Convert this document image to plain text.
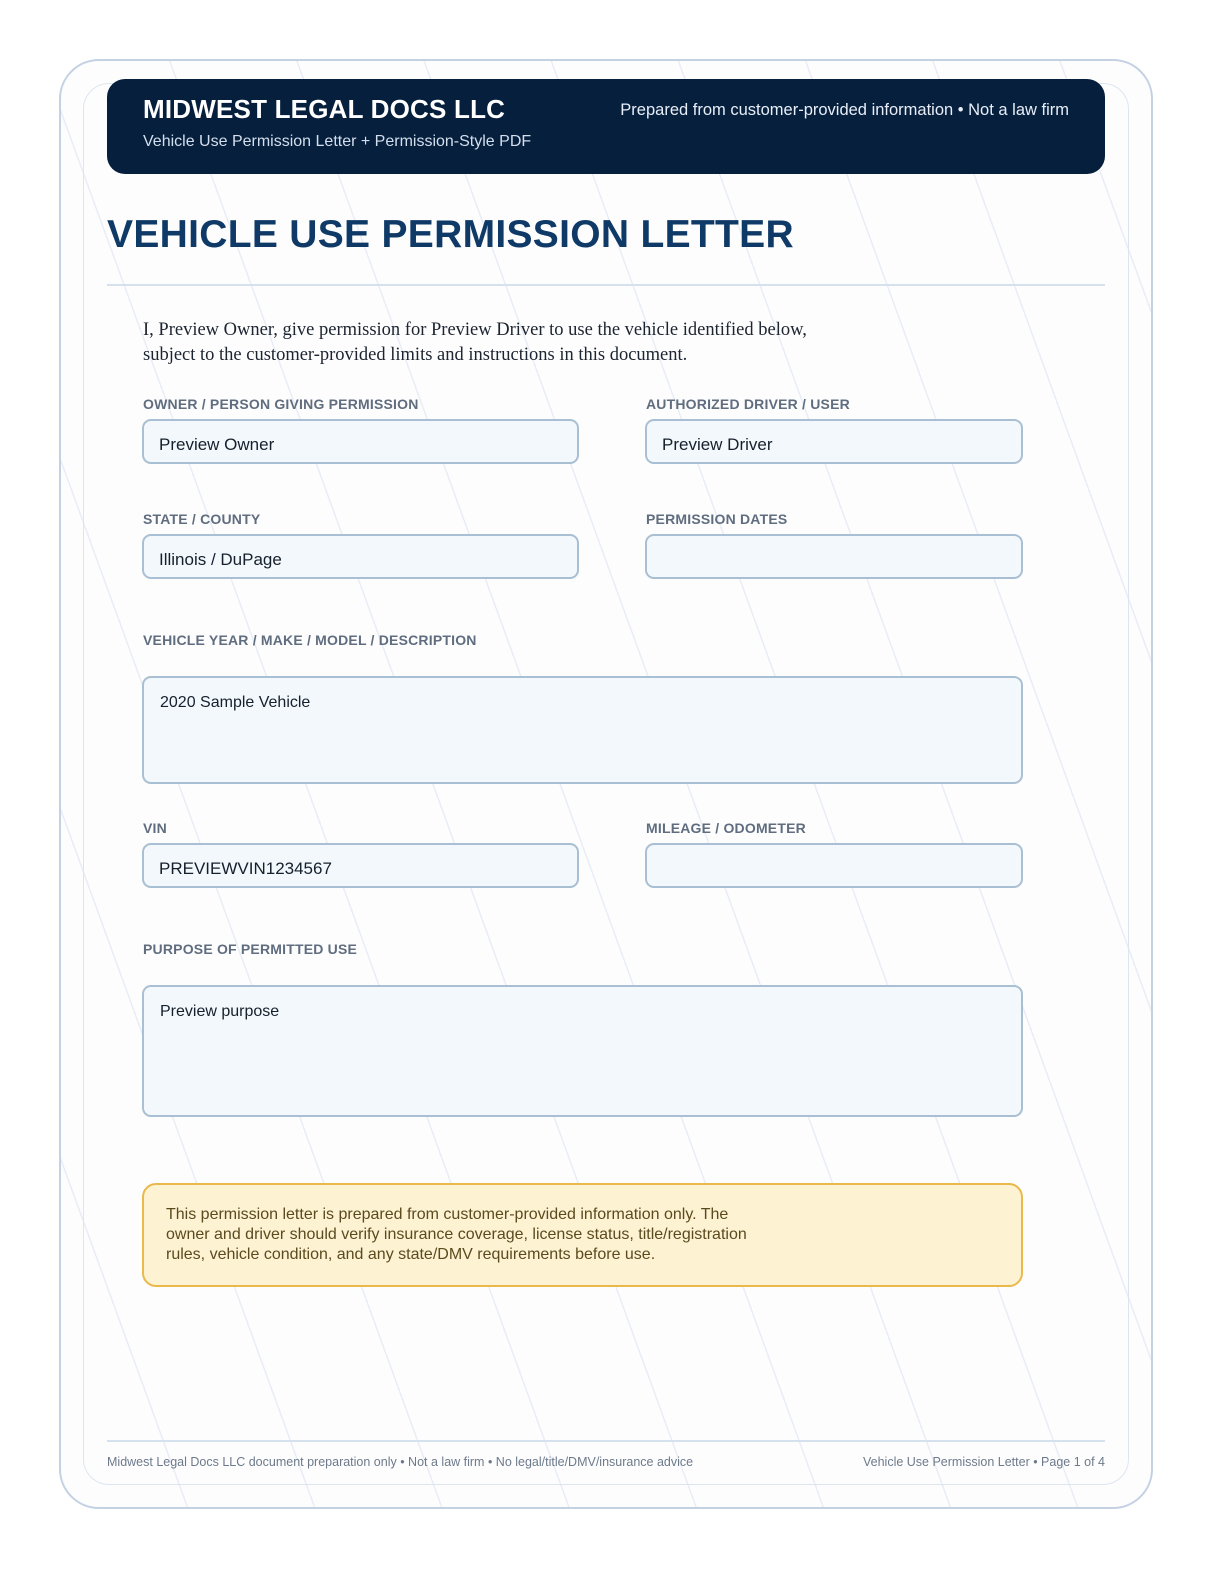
MIDWEST LEGAL DOCS LLC
Vehicle Use Permission Letter + Permission-Style PDF
Prepared from customer-provided information • Not a law firm
VEHICLE USE PERMISSION LETTER

I, Preview Owner, give permission for Preview Driver to use the vehicle identified below, subject to the customer-provided limits and instructions in this document.

OWNER / PERSON GIVING PERMISSION
Preview Owner
AUTHORIZED DRIVER / USER
Preview Driver
STATE / COUNTY
Illinois / DuPage
PERMISSION DATES
VEHICLE YEAR / MAKE / MODEL / DESCRIPTION
2020 Sample Vehicle
VIN
PREVIEWVIN1234567
MILEAGE / ODOMETER
PURPOSE OF PERMITTED USE
Preview purpose

This permission letter is prepared from customer-provided information only. The owner and driver should verify insurance coverage, license status, title/registration rules, vehicle condition, and any state/DMV requirements before use.

Midwest Legal Docs LLC document preparation only • Not a law firm • No legal/title/DMV/insurance advice	Vehicle Use Permission Letter • Page 1 of 4
